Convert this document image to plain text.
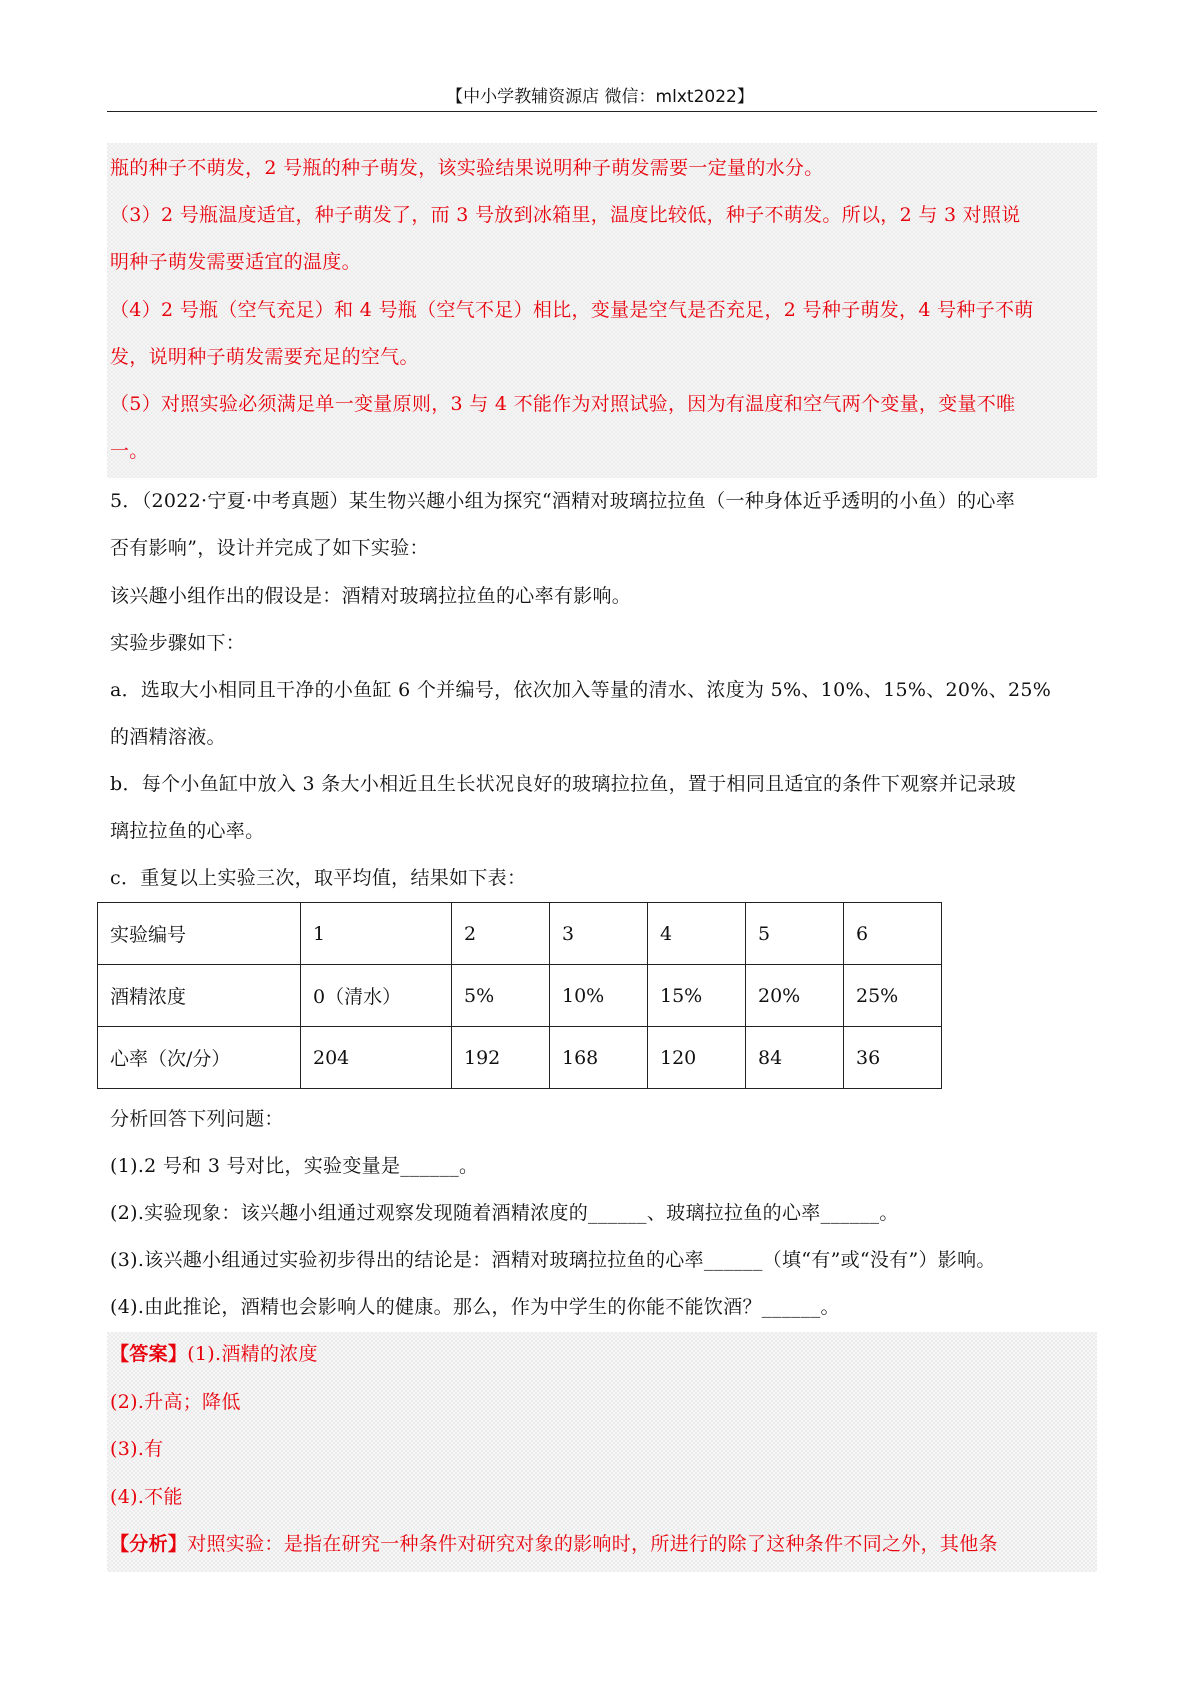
【中小学教辅资源店 微信：mlxt2022】
瓶的种子不萌发，2 号瓶的种子萌发，该实验结果说明种子萌发需要一定量的水分。
（3）2 号瓶温度适宜，种子萌发了，而 3 号放到冰箱里，温度比较低，种子不萌发。所以，2 与 3 对照说
明种子萌发需要适宜的温度。
（4）2 号瓶（空气充足）和 4 号瓶（空气不足）相比，变量是空气是否充足，2 号种子萌发，4 号种子不萌
发，说明种子萌发需要充足的空气。
（5）对照实验必须满足单一变量原则，3 与 4 不能作为对照试验，因为有温度和空气两个变量，变量不唯
一。
5．（2022·宁夏·中考真题）某生物兴趣小组为探究“酒精对玻璃拉拉鱼（一种身体近乎透明的小鱼）的心率
否有影响”，设计并完成了如下实验：
该兴趣小组作出的假设是：酒精对玻璃拉拉鱼的心率有影响。
实验步骤如下：
a．选取大小相同且干净的小鱼缸 6 个并编号，依次加入等量的清水、浓度为 5%、10%、15%、20%、25%
的酒精溶液。
b．每个小鱼缸中放入 3 条大小相近且生长状况良好的玻璃拉拉鱼，置于相同且适宜的条件下观察并记录玻
璃拉拉鱼的心率。
c．重复以上实验三次，取平均值，结果如下表：
实验编号	1	2	3	4	5	6
酒精浓度	0（清水）	5%	10%	15%	20%	25%
心率（次/分）	204	192	168	120	84	36
分析回答下列问题：
(1).2 号和 3 号对比，实验变量是______。
(2).实验现象：该兴趣小组通过观察发现随着酒精浓度的______、玻璃拉拉鱼的心率______。
(3).该兴趣小组通过实验初步得出的结论是：酒精对玻璃拉拉鱼的心率______（填“有”或“没有”）影响。
(4).由此推论，酒精也会影响人的健康。那么，作为中学生的你能不能饮酒？______。
【答案】(1).酒精的浓度
(2).升高；降低
(3).有
(4).不能
【分析】对照实验：是指在研究一种条件对研究对象的影响时，所进行的除了这种条件不同之外，其他条
